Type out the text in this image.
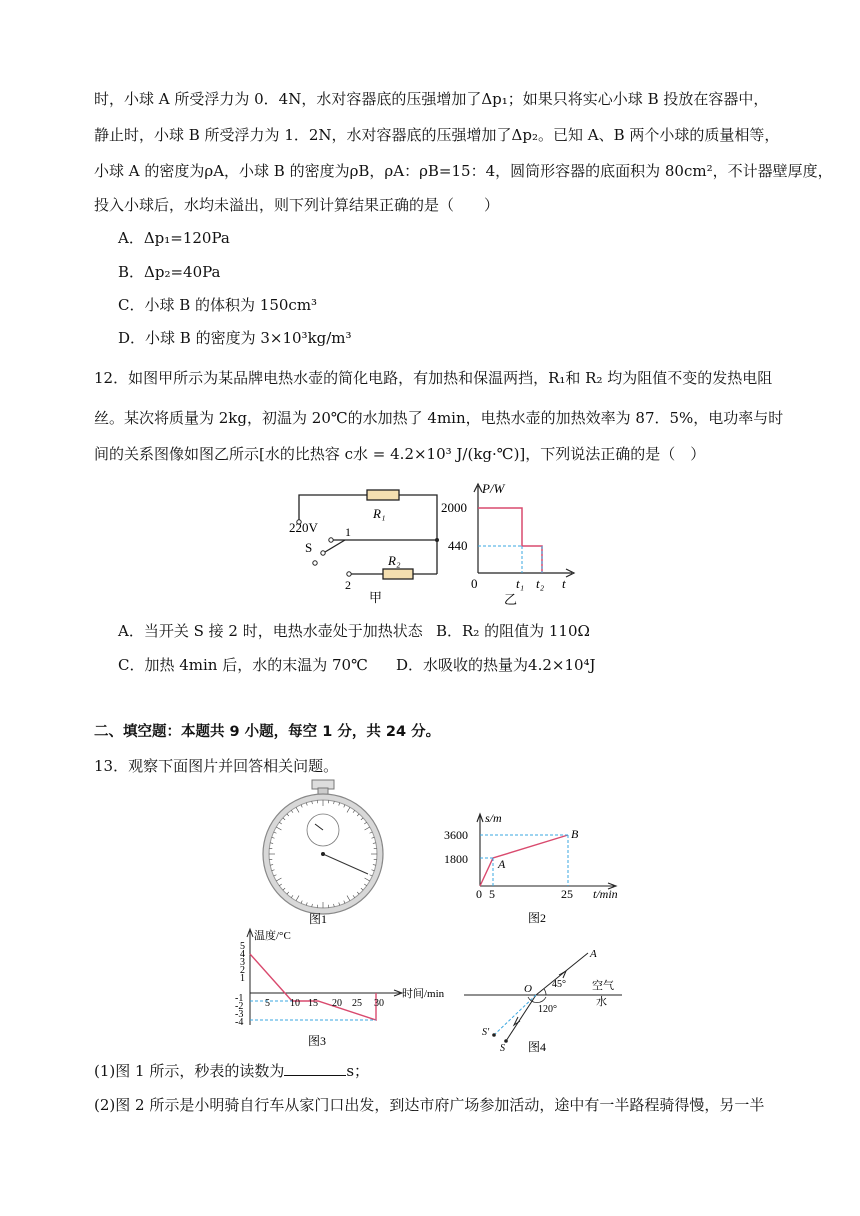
时，小球 A 所受浮力为 0．4N，水对容器底的压强增加了Δp₁；如果只将实心小球 B 投放在容器中，
静止时，小球 B 所受浮力为 1．2N，水对容器底的压强增加了Δp₂。已知 A、B 两个小球的质量相等，
小球 A 的密度为ρA，小球 B 的密度为ρB，ρA：ρB=15：4，圆筒形容器的底面积为 80cm²，不计器壁厚度，
投入小球后，水均未溢出，则下列计算结果正确的是（　　）
A．Δp₁=120Pa
B．Δp₂=40Pa
C．小球 B 的体积为 150cm³
D．小球 B 的密度为 3×10³kg/m³
12．如图甲所示为某品牌电热水壶的简化电路，有加热和保温两挡，R₁和 R₂ 均为阻值不变的发热电阻
丝。某次将质量为 2kg，初温为 20℃的水加热了 4min，电热水壶的加热效率为 87．5%，电功率与时
间的关系图像如图乙所示[水的比热容 c水 = 4.2×10³ J/(kg·℃)]，下列说法正确的是（　）
R₁
R₂
220V
S
1
2
甲
P/W
2000
440
0	t₁ t₂ t
乙
A．当开关 S 接 2 时，电热水壶处于加热状态 B．R₂ 的阻值为 110Ω
C．加热 4min 后，水的末温为 70℃ D．水吸收的热量为4.2×10⁴J
二、填空题：本题共 9 小题，每空 1 分，共 24 分。
13．观察下面图片并回答相关问题。
图1
s/m
3600
1800
0 5	25 t/min
A
B
图2
温度/°C
5
4
3
2
1
-1
-2
-3
-4
5 10 15 20 25 30
时间/min
图3
A
O 45°
120°
空气
水
S'
S 图4
(1)图 1 所示，秒表的读数为	s；
(2)图 2 所示是小明骑自行车从家门口出发，到达市府广场参加活动，途中有一半路程骑得慢，另一半
